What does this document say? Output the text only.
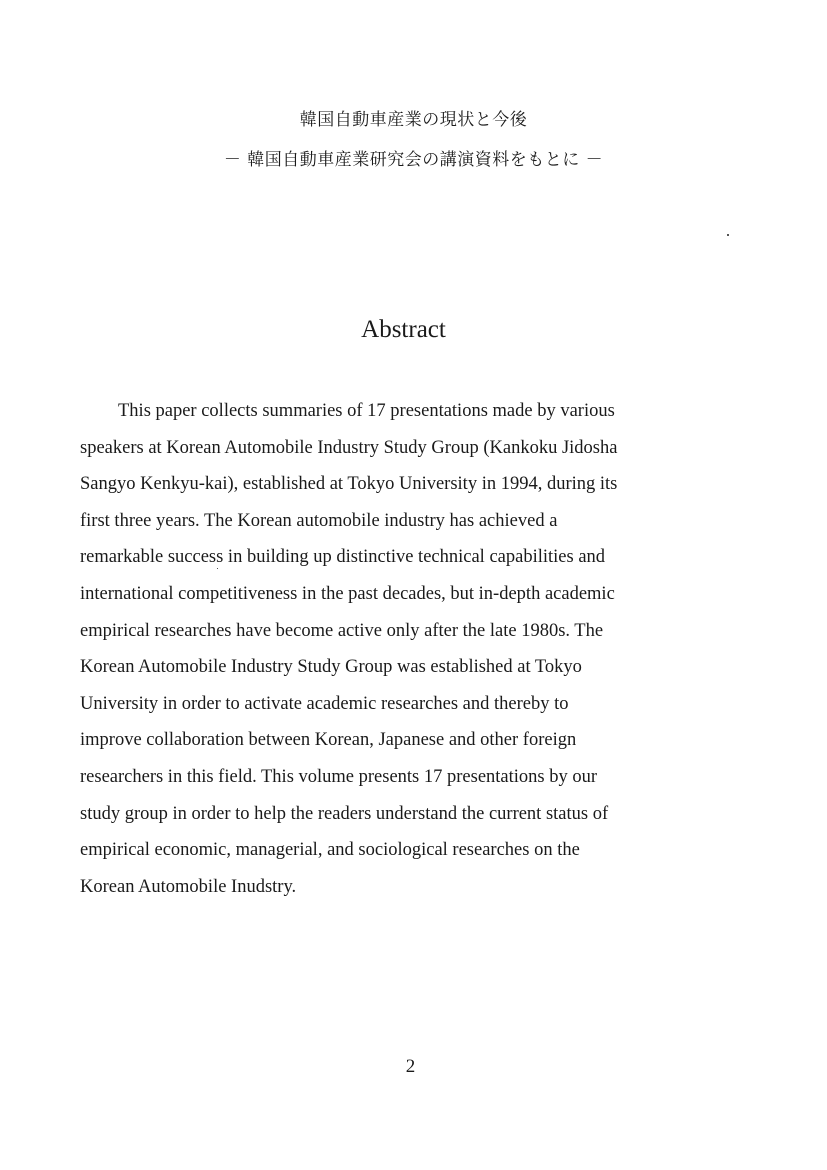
韓国自動車産業の現状と今後
－ 韓国自動車産業研究会の講演資料をもとに －
Abstract

This paper collects summaries of 17 presentations made by various
speakers at Korean Automobile Industry Study Group (Kankoku Jidosha
Sangyo Kenkyu-kai), established at Tokyo University in 1994, during its
first three years. The Korean automobile industry has achieved a
remarkable success in building up distinctive technical capabilities and
international competitiveness in the past decades, but in-depth academic
empirical researches have become active only after the late 1980s. The
Korean Automobile Industry Study Group was established at Tokyo
University in order to activate academic researches and thereby to
improve collaboration between Korean, Japanese and other foreign
researchers in this field. This volume presents 17 presentations by our
study group in order to help the readers understand the current status of
empirical economic, managerial, and sociological researches on the
Korean Automobile Inudstry.

2
